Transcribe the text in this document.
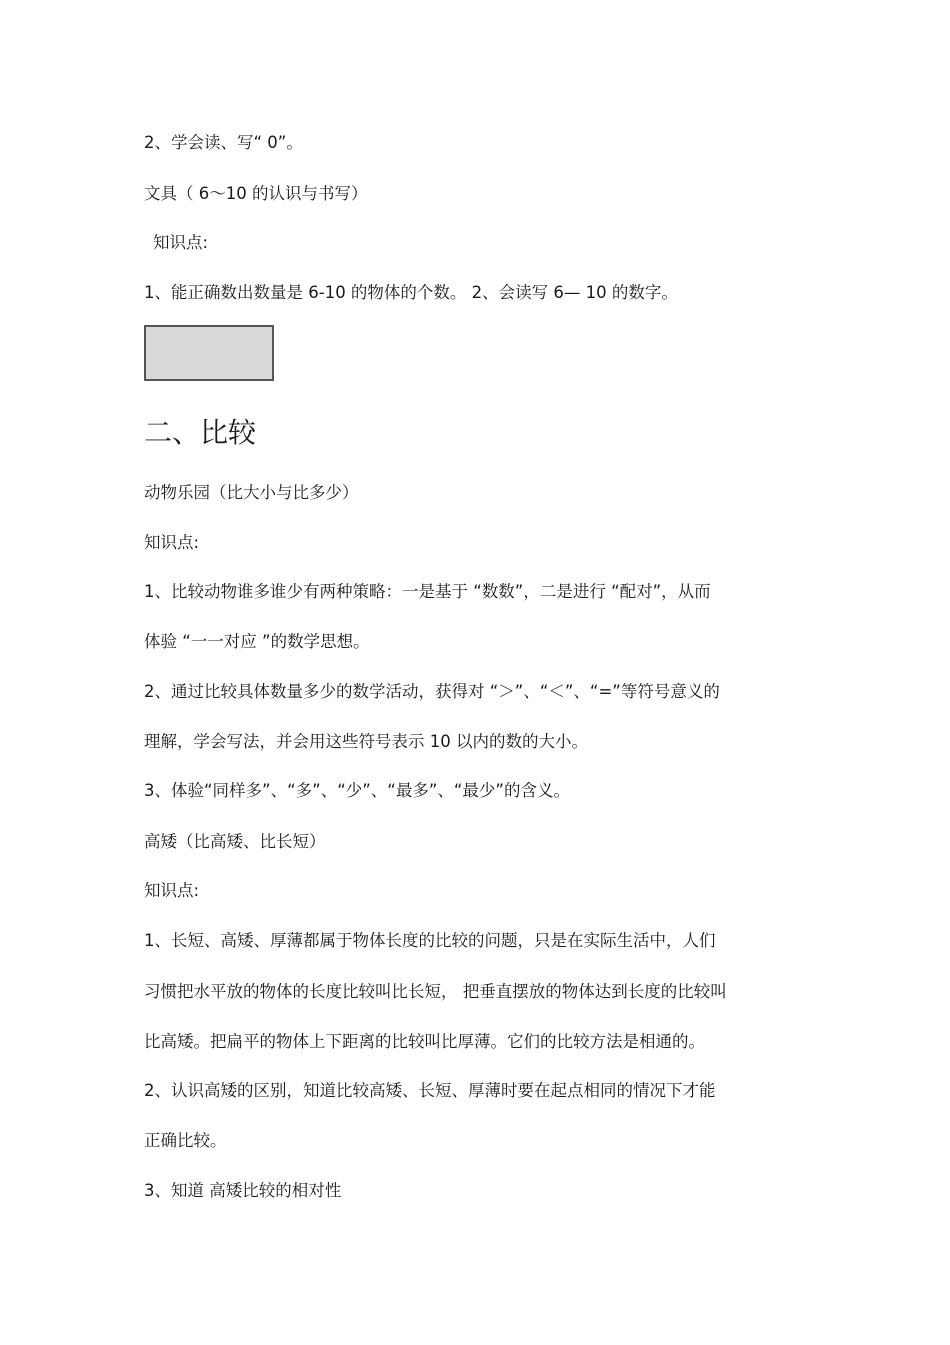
2、学会读、写“ 0”。
文具（ 6～10 的认识与书写）
知识点:
1、能正确数出数量是 6-10 的物体的个数。 2、会读写 6— 10 的数字。
二、比较
动物乐园（比大小与比多少）
知识点:
1、比较动物谁多谁少有两种策略：一是基于 “数数”，二是进行 “配对”，从而
体验 “一一对应 ”的数学思想。
2、通过比较具体数量多少的数学活动，获得对 “＞”、“＜”、“=”等符号意义的
理解，学会写法，并会用这些符号表示 10 以内的数的大小。
3、体验“同样多”、“多”、“少”、“最多”、“最少”的含义。
高矮（比高矮、比长短）
知识点:
1、长短、高矮、厚薄都属于物体长度的比较的问题，只是在实际生活中，人们
习惯把水平放的物体的长度比较叫比长短， 把垂直摆放的物体达到长度的比较叫
比高矮。把扁平的物体上下距离的比较叫比厚薄。它们的比较方法是相通的。
2、认识高矮的区别，知道比较高矮、长短、厚薄时要在起点相同的情况下才能
正确比较。
3、知道 高矮比较的相对性
